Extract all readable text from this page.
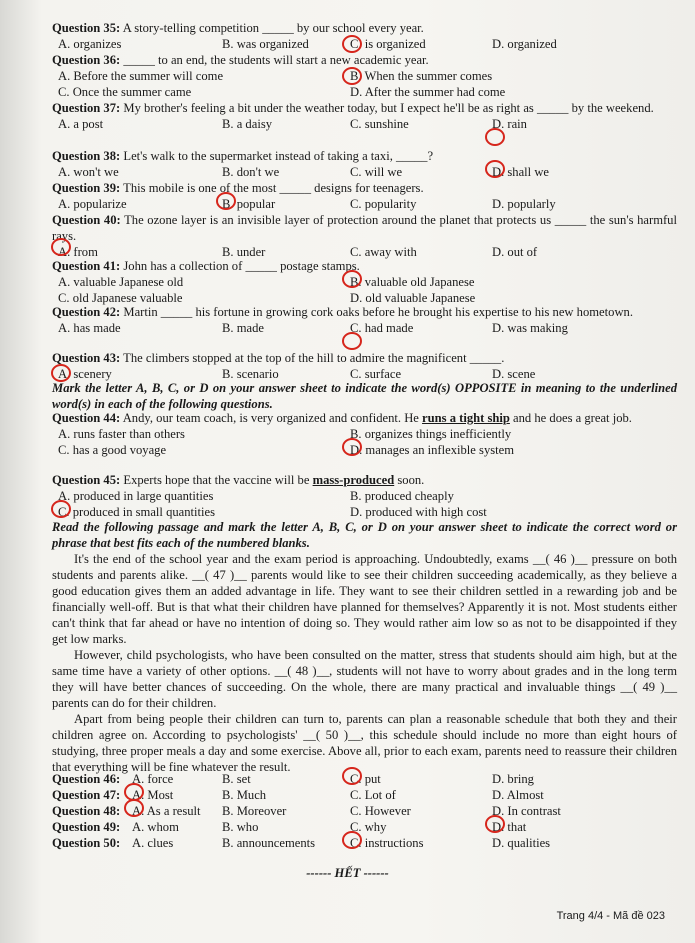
Question 35: A story-telling competition _____ by our school every year.
A. organizes	B. was organized	C. is organized	D. organized
Question 36: _____ to an end, the students will start a new academic year.
A. Before the summer will come	B. When the summer comes
C. Once the summer came	D. After the summer had come
Question 37: My brother's feeling a bit under the weather today, but I expect he'll be as right as _____ by the weekend.
A. a post	B. a daisy	C. sunshine	D. rain
Question 38: Let's walk to the supermarket instead of taking a taxi, _____?
A. won't we	B. don't we	C. will we	D. shall we
Question 39: This mobile is one of the most _____ designs for teenagers.
A. popularize	B. popular	C. popularity	D. popularly
Question 40: The ozone layer is an invisible layer of protection around the planet that protects us _____ the sun's harmful rays.
A. from	B. under	C. away with	D. out of
Question 41: John has a collection of _____ postage stamps.
A. valuable Japanese old	B. valuable old Japanese
C. old Japanese valuable	D. old valuable Japanese
Question 42: Martin _____ his fortune in growing cork oaks before he brought his expertise to his new hometown.
A. has made	B. made	C. had made	D. was making
Question 43: The climbers stopped at the top of the hill to admire the magnificent _____.
A. scenery	B. scenario	C. surface	D. scene
Mark the letter A, B, C, or D on your answer sheet to indicate the word(s) OPPOSITE in meaning to the underlined word(s) in each of the following questions.
Question 44: Andy, our team coach, is very organized and confident. He runs a tight ship and he does a great job.
A. runs faster than others	B. organizes things inefficiently
C. has a good voyage	D. manages an inflexible system
Question 45: Experts hope that the vaccine will be mass-produced soon.
A. produced in large quantities	B. produced cheaply
C. produced in small quantities	D. produced with high cost
Read the following passage and mark the letter A, B, C, or D on your answer sheet to indicate the correct word or phrase that best fits each of the numbered blanks.
It's the end of the school year and the exam period is approaching. Undoubtedly, exams __( 46 )__ pressure on both students and parents alike. __( 47 )__ parents would like to see their children succeeding academically, as they believe a good education gives them an added advantage in life. They want to see their children settled in a rewarding job and be financially well-off. But is that what their children have planned for themselves? Apparently it is not. Most students either can't think that far ahead or have no intention of doing so. They would rather aim low so as not to be disappointed if they get low marks.
However, child psychologists, who have been consulted on the matter, stress that students should aim high, but at the same time have a variety of other options. __( 48 )__, students will not have to worry about grades and in the long term they will have better chances of succeeding. On the whole, there are many practical and invaluable things __( 49 )__ parents can do for their children.
Apart from being people their children can turn to, parents can plan a reasonable schedule that both they and their children agree on. According to psychologists' __( 50 )__, this schedule should include no more than eight hours of studying, three proper meals a day and some exercise. Above all, prior to each exam, parents need to reassure their children that everything will be fine whatever the result.
Question 46: A. force	B. set	C. put	D. bring
Question 47: A. Most	B. Much	C. Lot of	D. Almost
Question 48: A. As a result B. Moreover	C. However	D. In contrast
Question 49: A. whom	B. who	C. why	D. that
Question 50: A. clues	B. announcements	C. instructions	D. qualities
------ HẾT ------
Trang 4/4 - Mã đề 023
